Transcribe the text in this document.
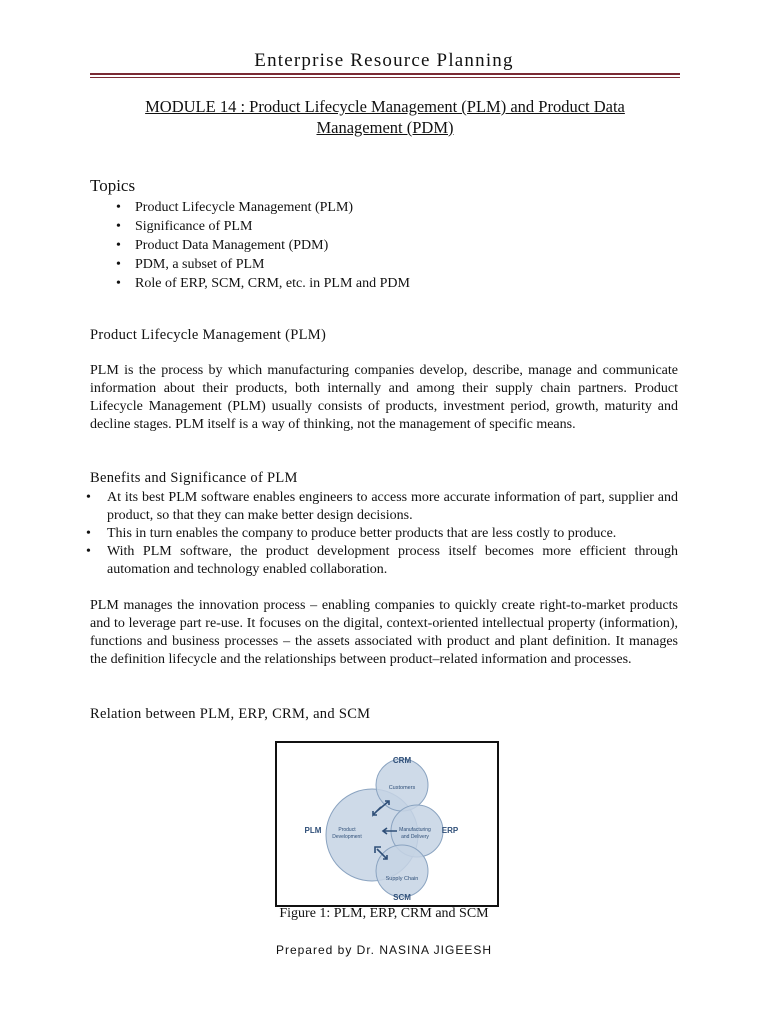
Enterprise Resource Planning
MODULE 14 : Product Lifecycle Management (PLM) and Product Data
Management (PDM)
Topics
• Product Lifecycle Management (PLM)
• Significance of PLM
• Product Data Management (PDM)
• PDM, a subset of PLM
• Role of ERP, SCM, CRM, etc. in PLM and PDM
Product Lifecycle Management (PLM)

PLM is the process by which manufacturing companies develop, describe, manage and communicate information about their products, both internally and among their supply chain partners. Product Lifecycle Management (PLM) usually consists of products, investment period, growth, maturity and decline stages. PLM itself is a way of thinking, not the management of specific means.

Benefits and Significance of PLM
• At its best PLM software enables engineers to access more accurate information of part, supplier and product, so that they can make better design decisions.
• This in turn enables the company to produce better products that are less costly to produce.
• With PLM software, the product development process itself becomes more efficient through automation and technology enabled collaboration.

PLM manages the innovation process – enabling companies to quickly create right-to-market products and to leverage part re-use. It focuses on the digital, context-oriented intellectual property (information), functions and business processes – the assets associated with product and plant definition. It manages the definition lifecycle and the relationships between product–related information and processes.

Relation between PLM, ERP, CRM, and SCM
CRM
Customers
PLM	Product
Development
Manufacturing
and Delivery
ERP
Supply Chain
SCM
Figure 1: PLM, ERP, CRM and SCM
Prepared by Dr. NASINA JIGEESH
